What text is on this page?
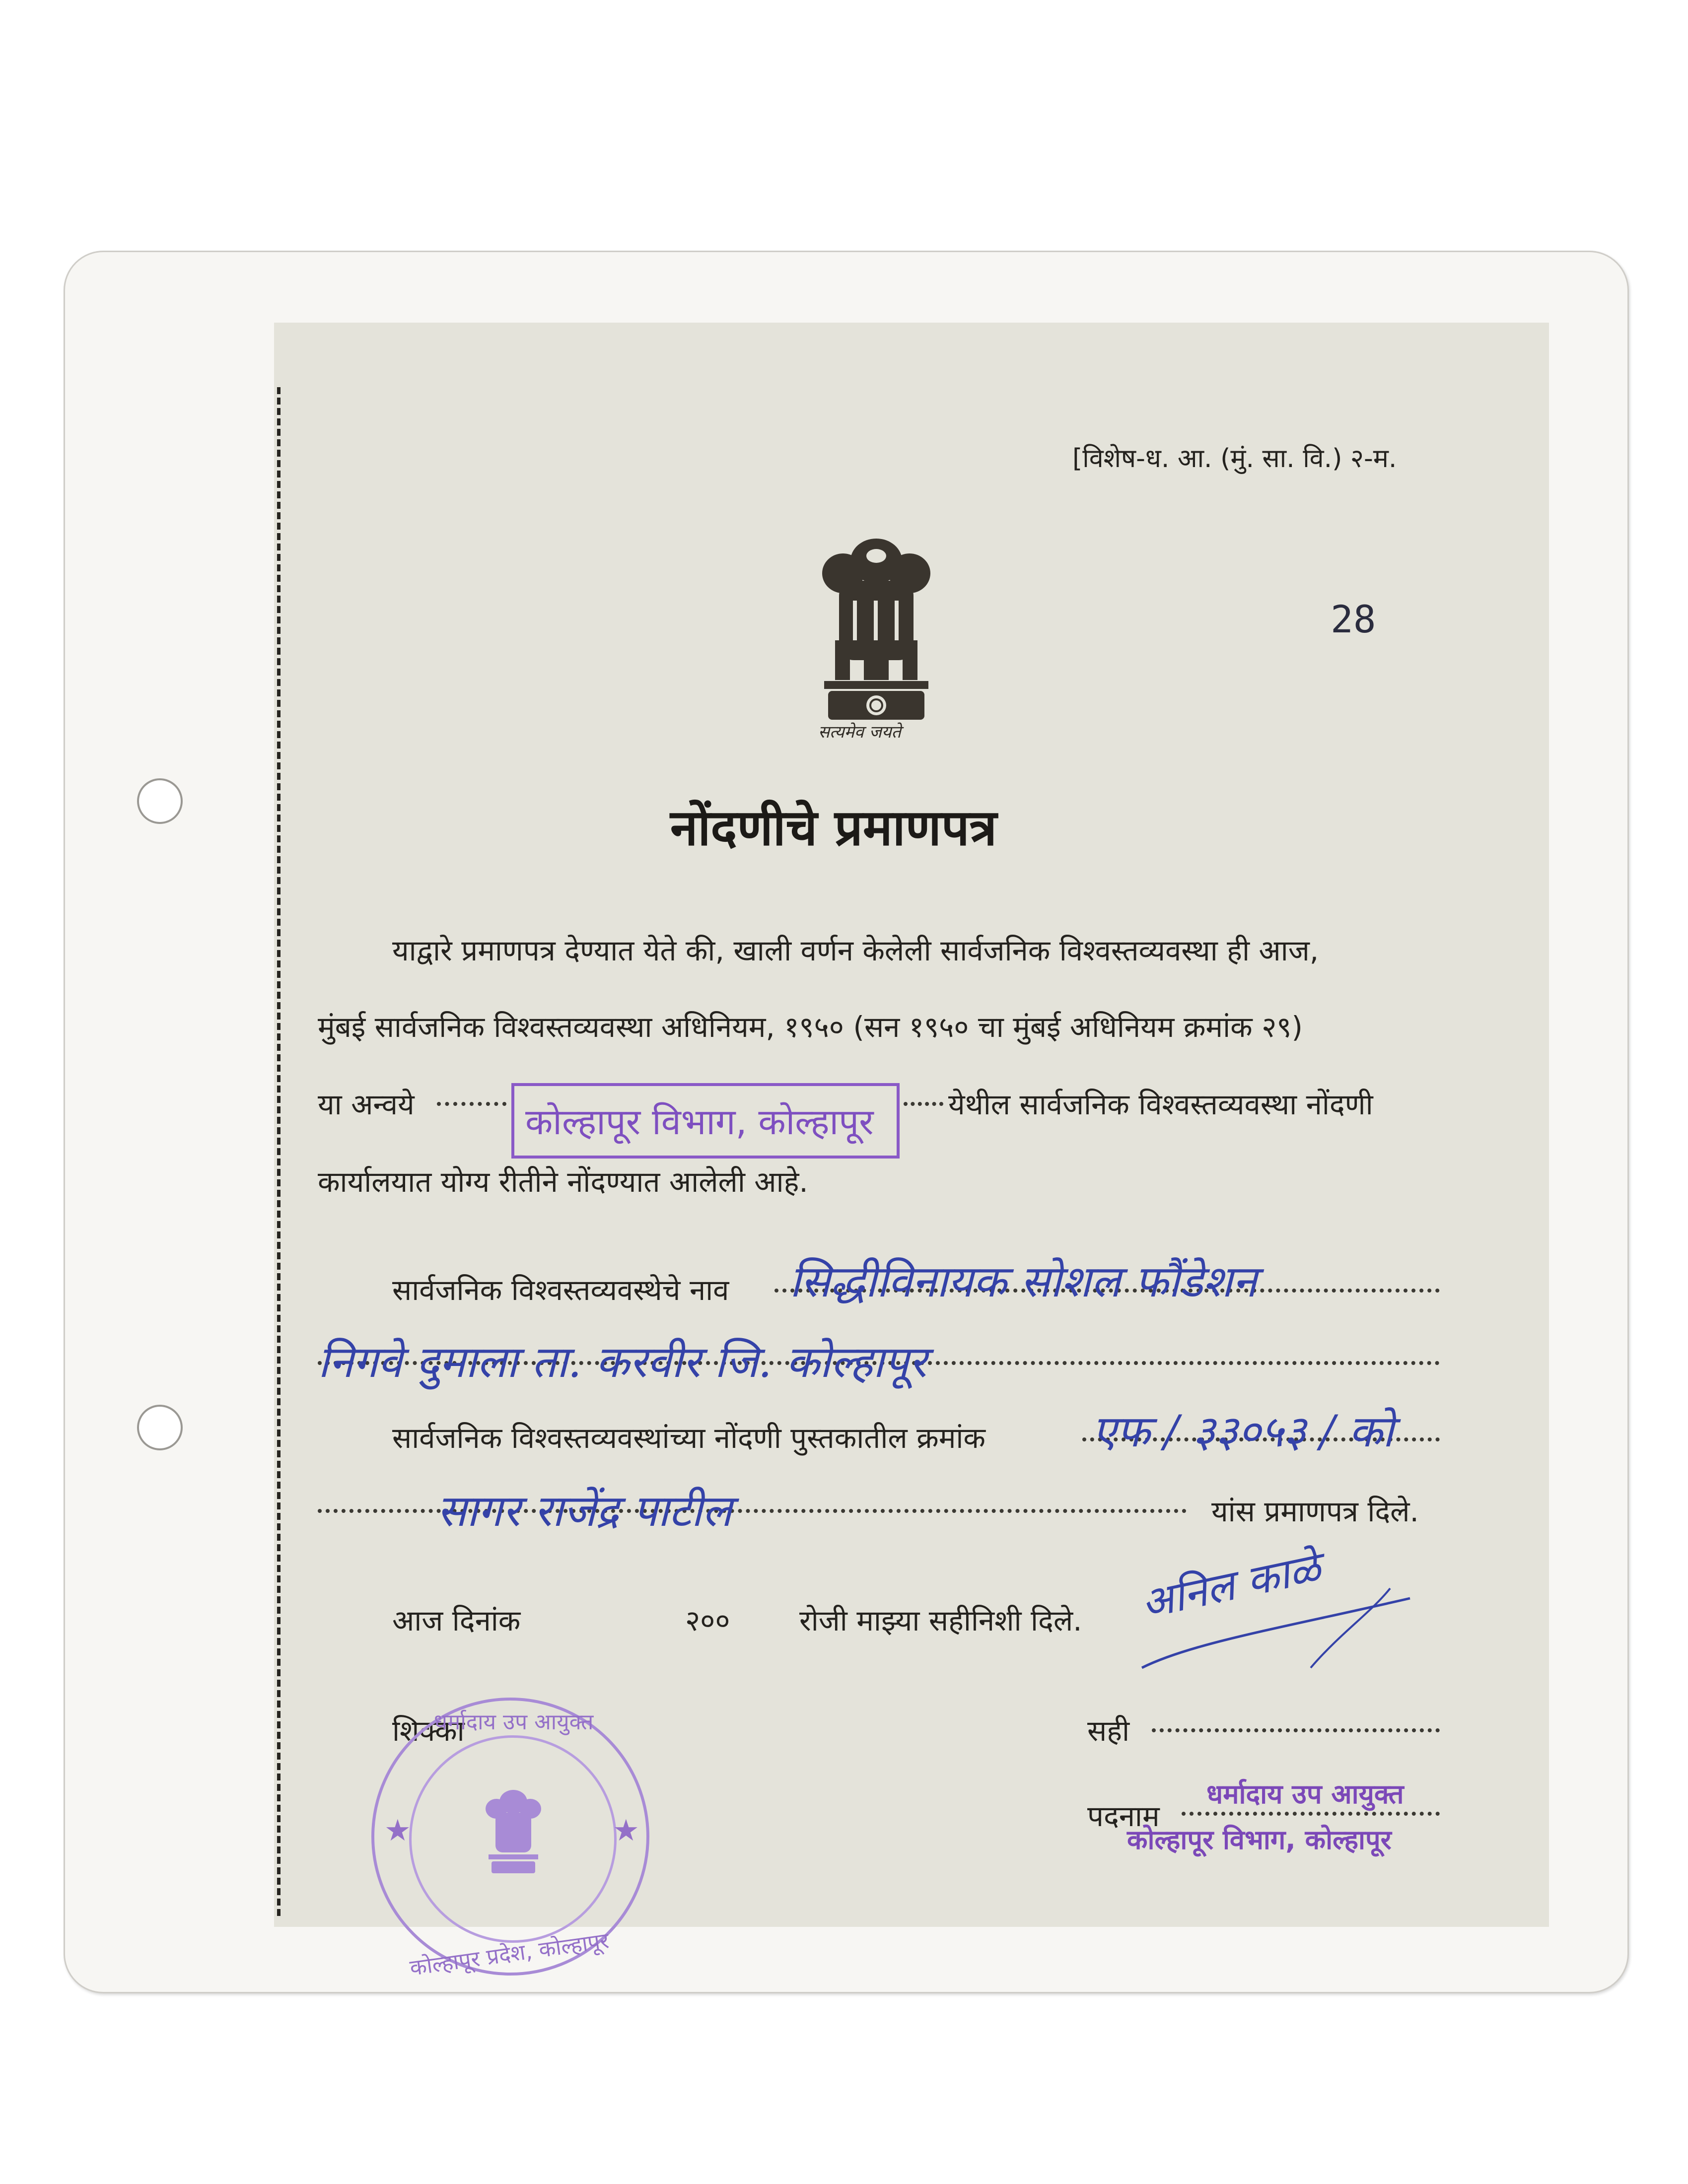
[विशेष-ध. आ. (मुं. सा. वि.) २-म.
सत्यमेव जयते
28
नोंदणीचे प्रमाणपत्र
याद्वारे प्रमाणपत्र देण्यात येते की, खाली वर्णन केलेली सार्वजनिक विश्वस्तव्यवस्था ही आज,
मुंबई सार्वजनिक विश्वस्तव्यवस्था अधिनियम, १९५० (सन १९५० चा मुंबई अधिनियम क्रमांक २९)
या अन्वये	कोल्हापूर विभाग, कोल्हापूर	येथील सार्वजनिक विश्वस्तव्यवस्था नोंदणी
कार्यालयात योग्य रीतीने नोंदण्यात आलेली आहे.
सार्वजनिक विश्वस्तव्यवस्थेचे नाव सिद्धीविनायक सोशल फौंडेशन
निगवे दुमाला ता. करवीर जि. कोल्हापूर
सार्वजनिक विश्वस्तव्यवस्थांच्या नोंदणी पुस्तकातील क्रमांक एफ / ३३०५३ / को
सागर राजेंद्र पाटील	यांस प्रमाणपत्र दिले.
आज दिनांक	२०० रोजी माझ्या सहीनिशी दिले. अनिल काळे
शिक्का	सही
पदनाम
धर्मादाय उप आयुक्त
कोल्हापूर विभाग, कोल्हापूर
धर्मादाय उप आयुक्त
कोल्हापूर प्रदेश, कोल्हापूर
★	★
